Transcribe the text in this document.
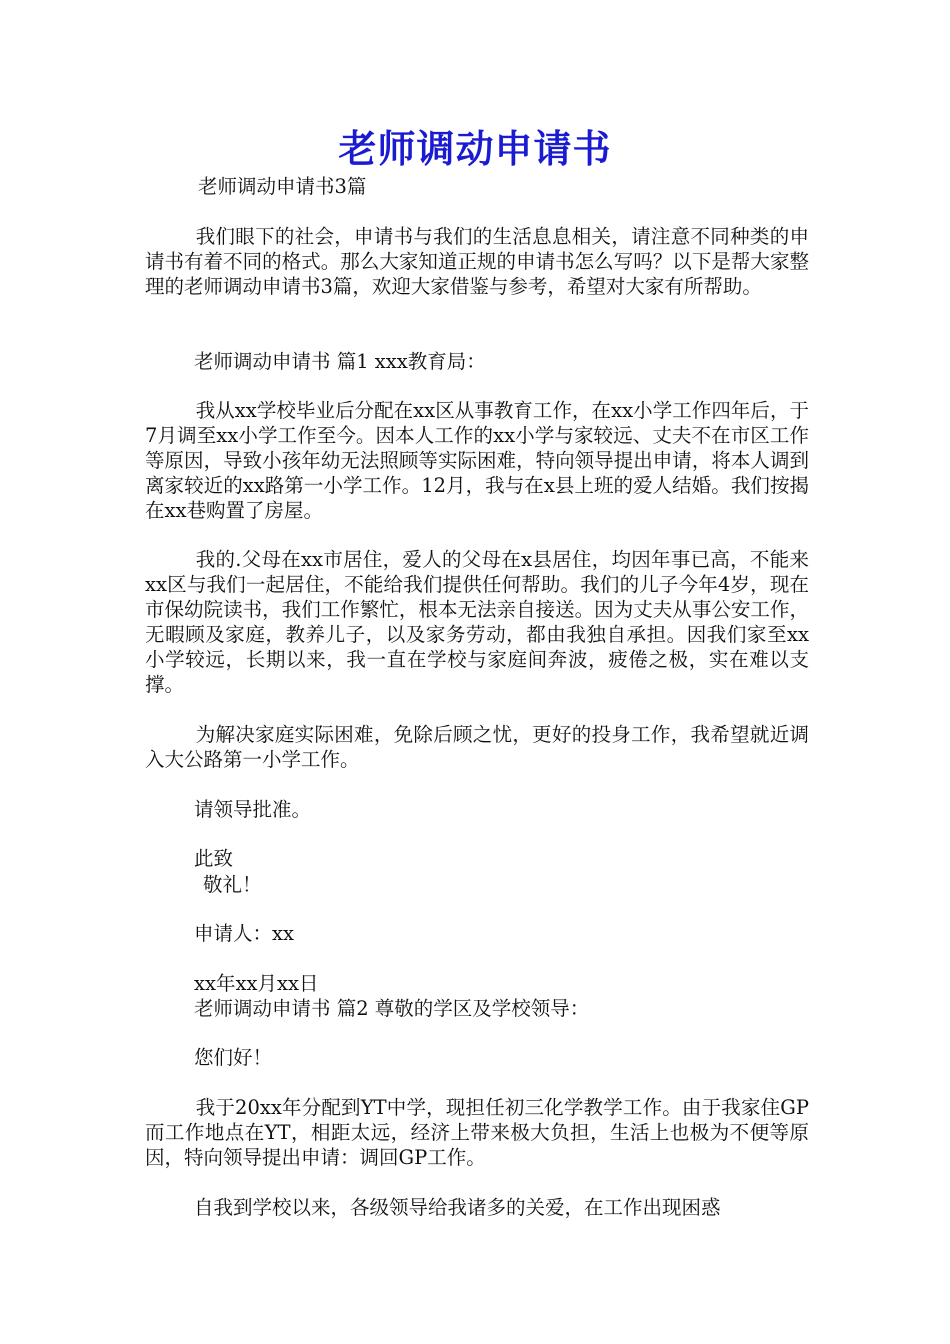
老师调动申请书

老师调动申请书3篇

我们眼下的社会，申请书与我们的生活息息相关，请注意不同种类的申请书有着不同的格式。那么大家知道正规的申请书怎么写吗？以下是帮大家整理的老师调动申请书3篇，欢迎大家借鉴与参考，希望对大家有所帮助。

老师调动申请书 篇1 xxx教育局：

我从xx学校毕业后分配在xx区从事教育工作，在xx小学工作四年后，于7月调至xx小学工作至今。因本人工作的xx小学与家较远、丈夫不在市区工作等原因，导致小孩年幼无法照顾等实际困难，特向领导提出申请，将本人调到离家较近的xx路第一小学工作。12月，我与在x县上班的爱人结婚。我们按揭在xx巷购置了房屋。

我的.父母在xx市居住，爱人的父母在x县居住，均因年事已高，不能来xx区与我们一起居住，不能给我们提供任何帮助。我们的儿子今年4岁，现在市保幼院读书，我们工作繁忙，根本无法亲自接送。因为丈夫从事公安工作，无暇顾及家庭，教养儿子，以及家务劳动，都由我独自承担。因我们家至xx小学较远，长期以来，我一直在学校与家庭间奔波，疲倦之极，实在难以支撑。

为解决家庭实际困难，免除后顾之忧，更好的投身工作，我希望就近调入大公路第一小学工作。

请领导批准。

此致

敬礼！

申请人：xx

xx年xx月xx日

老师调动申请书 篇2 尊敬的学区及学校领导：

您们好！

我于20xx年分配到YT中学，现担任初三化学教学工作。由于我家住GP而工作地点在YT，相距太远，经济上带来极大负担，生活上也极为不便等原因，特向领导提出申请：调回GP工作。

自我到学校以来，各级领导给我诸多的关爱，在工作出现困惑
